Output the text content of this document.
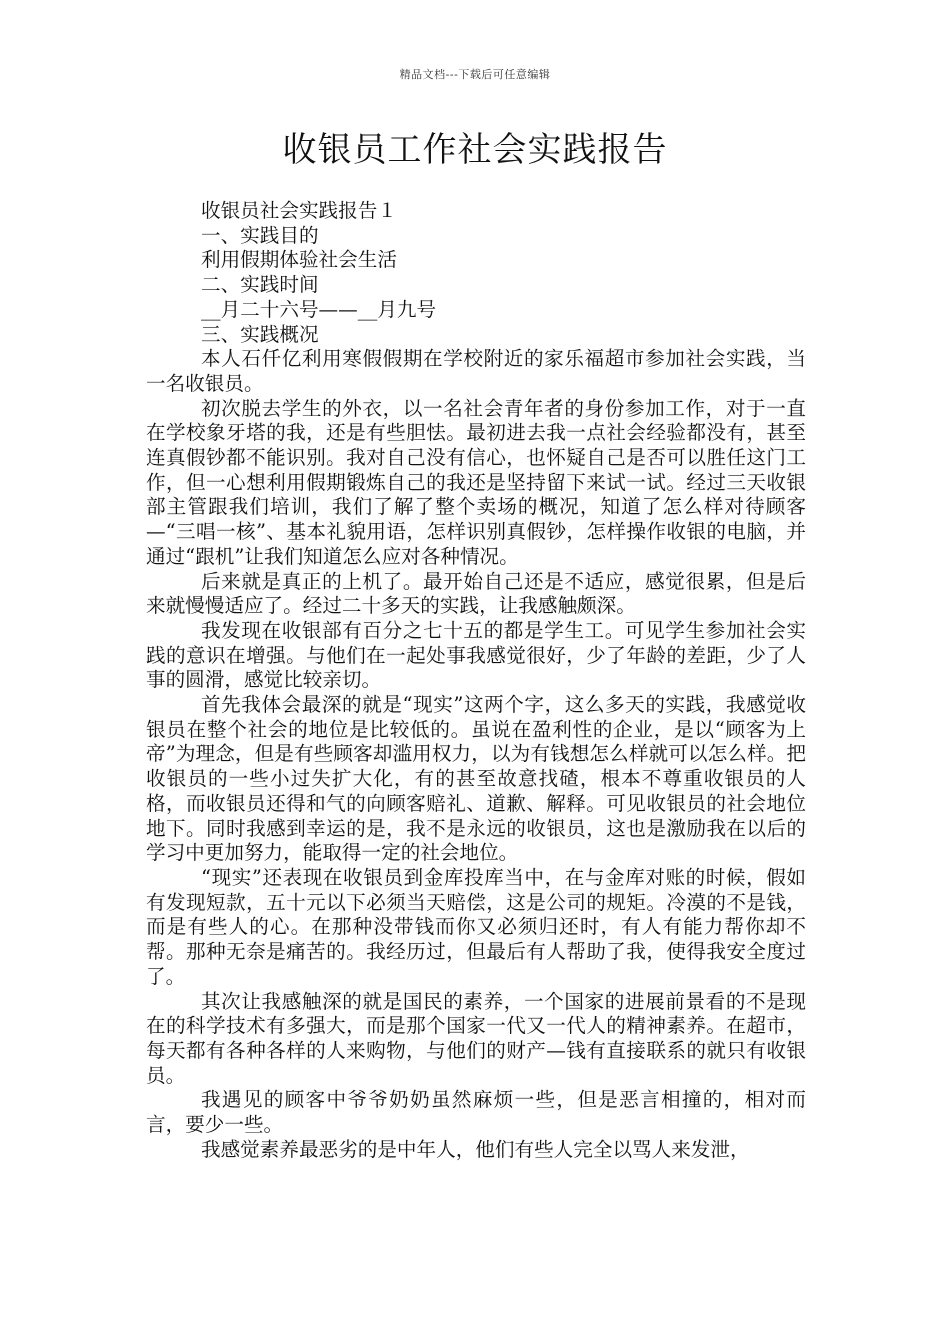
精品文档---下载后可任意编辑
收银员工作社会实践报告
收银员社会实践报告１
一、实践目的
利用假期体验社会生活
二、实践时间
__月二十六号——__月九号
三、实践概况

本人石仟亿利用寒假假期在学校附近的家乐福超市参加社会实践，当一名收银员。

初次脱去学生的外衣，以一名社会青年者的身份参加工作，对于一直在学校象牙塔的我，还是有些胆怯。最初进去我一点社会经验都没有，甚至连真假钞都不能识别。我对自己没有信心，也怀疑自己是否可以胜任这门工作，但一心想利用假期锻炼自己的我还是坚持留下来试一试。经过三天收银部主管跟我们培训，我们了解了整个卖场的概况，知道了怎么样对待顾客—“三唱一核”、基本礼貌用语，怎样识别真假钞，怎样操作收银的电脑，并通过“跟机”让我们知道怎么应对各种情况。

后来就是真正的上机了。最开始自己还是不适应，感觉很累，但是后来就慢慢适应了。经过二十多天的实践，让我感触颇深。

我发现在收银部有百分之七十五的都是学生工。可见学生参加社会实践的意识在增强。与他们在一起处事我感觉很好，少了年龄的差距，少了人事的圆滑，感觉比较亲切。

首先我体会最深的就是“现实”这两个字，这么多天的实践，我感觉收银员在整个社会的地位是比较低的。虽说在盈利性的企业，是以“顾客为上帝”为理念，但是有些顾客却滥用权力，以为有钱想怎么样就可以怎么样。把收银员的一些小过失扩大化，有的甚至故意找碴，根本不尊重收银员的人格，而收银员还得和气的向顾客赔礼、道歉、解释。可见收银员的社会地位地下。同时我感到幸运的是，我不是永远的收银员，这也是激励我在以后的学习中更加努力，能取得一定的社会地位。

“现实”还表现在收银员到金库投库当中，在与金库对账的时候，假如有发现短款，五十元以下必须当天赔偿，这是公司的规矩。冷漠的不是钱，而是有些人的心。在那种没带钱而你又必须归还时，有人有能力帮你却不帮。那种无奈是痛苦的。我经历过，但最后有人帮助了我，使得我安全度过了。

其次让我感触深的就是国民的素养，一个国家的进展前景看的不是现在的科学技术有多强大，而是那个国家一代又一代人的精神素养。在超市，每天都有各种各样的人来购物，与他们的财产—钱有直接联系的就只有收银员。

我遇见的顾客中爷爷奶奶虽然麻烦一些，但是恶言相撞的，相对而言，要少一些。

我感觉素养最恶劣的是中年人，他们有些人完全以骂人来发泄，
